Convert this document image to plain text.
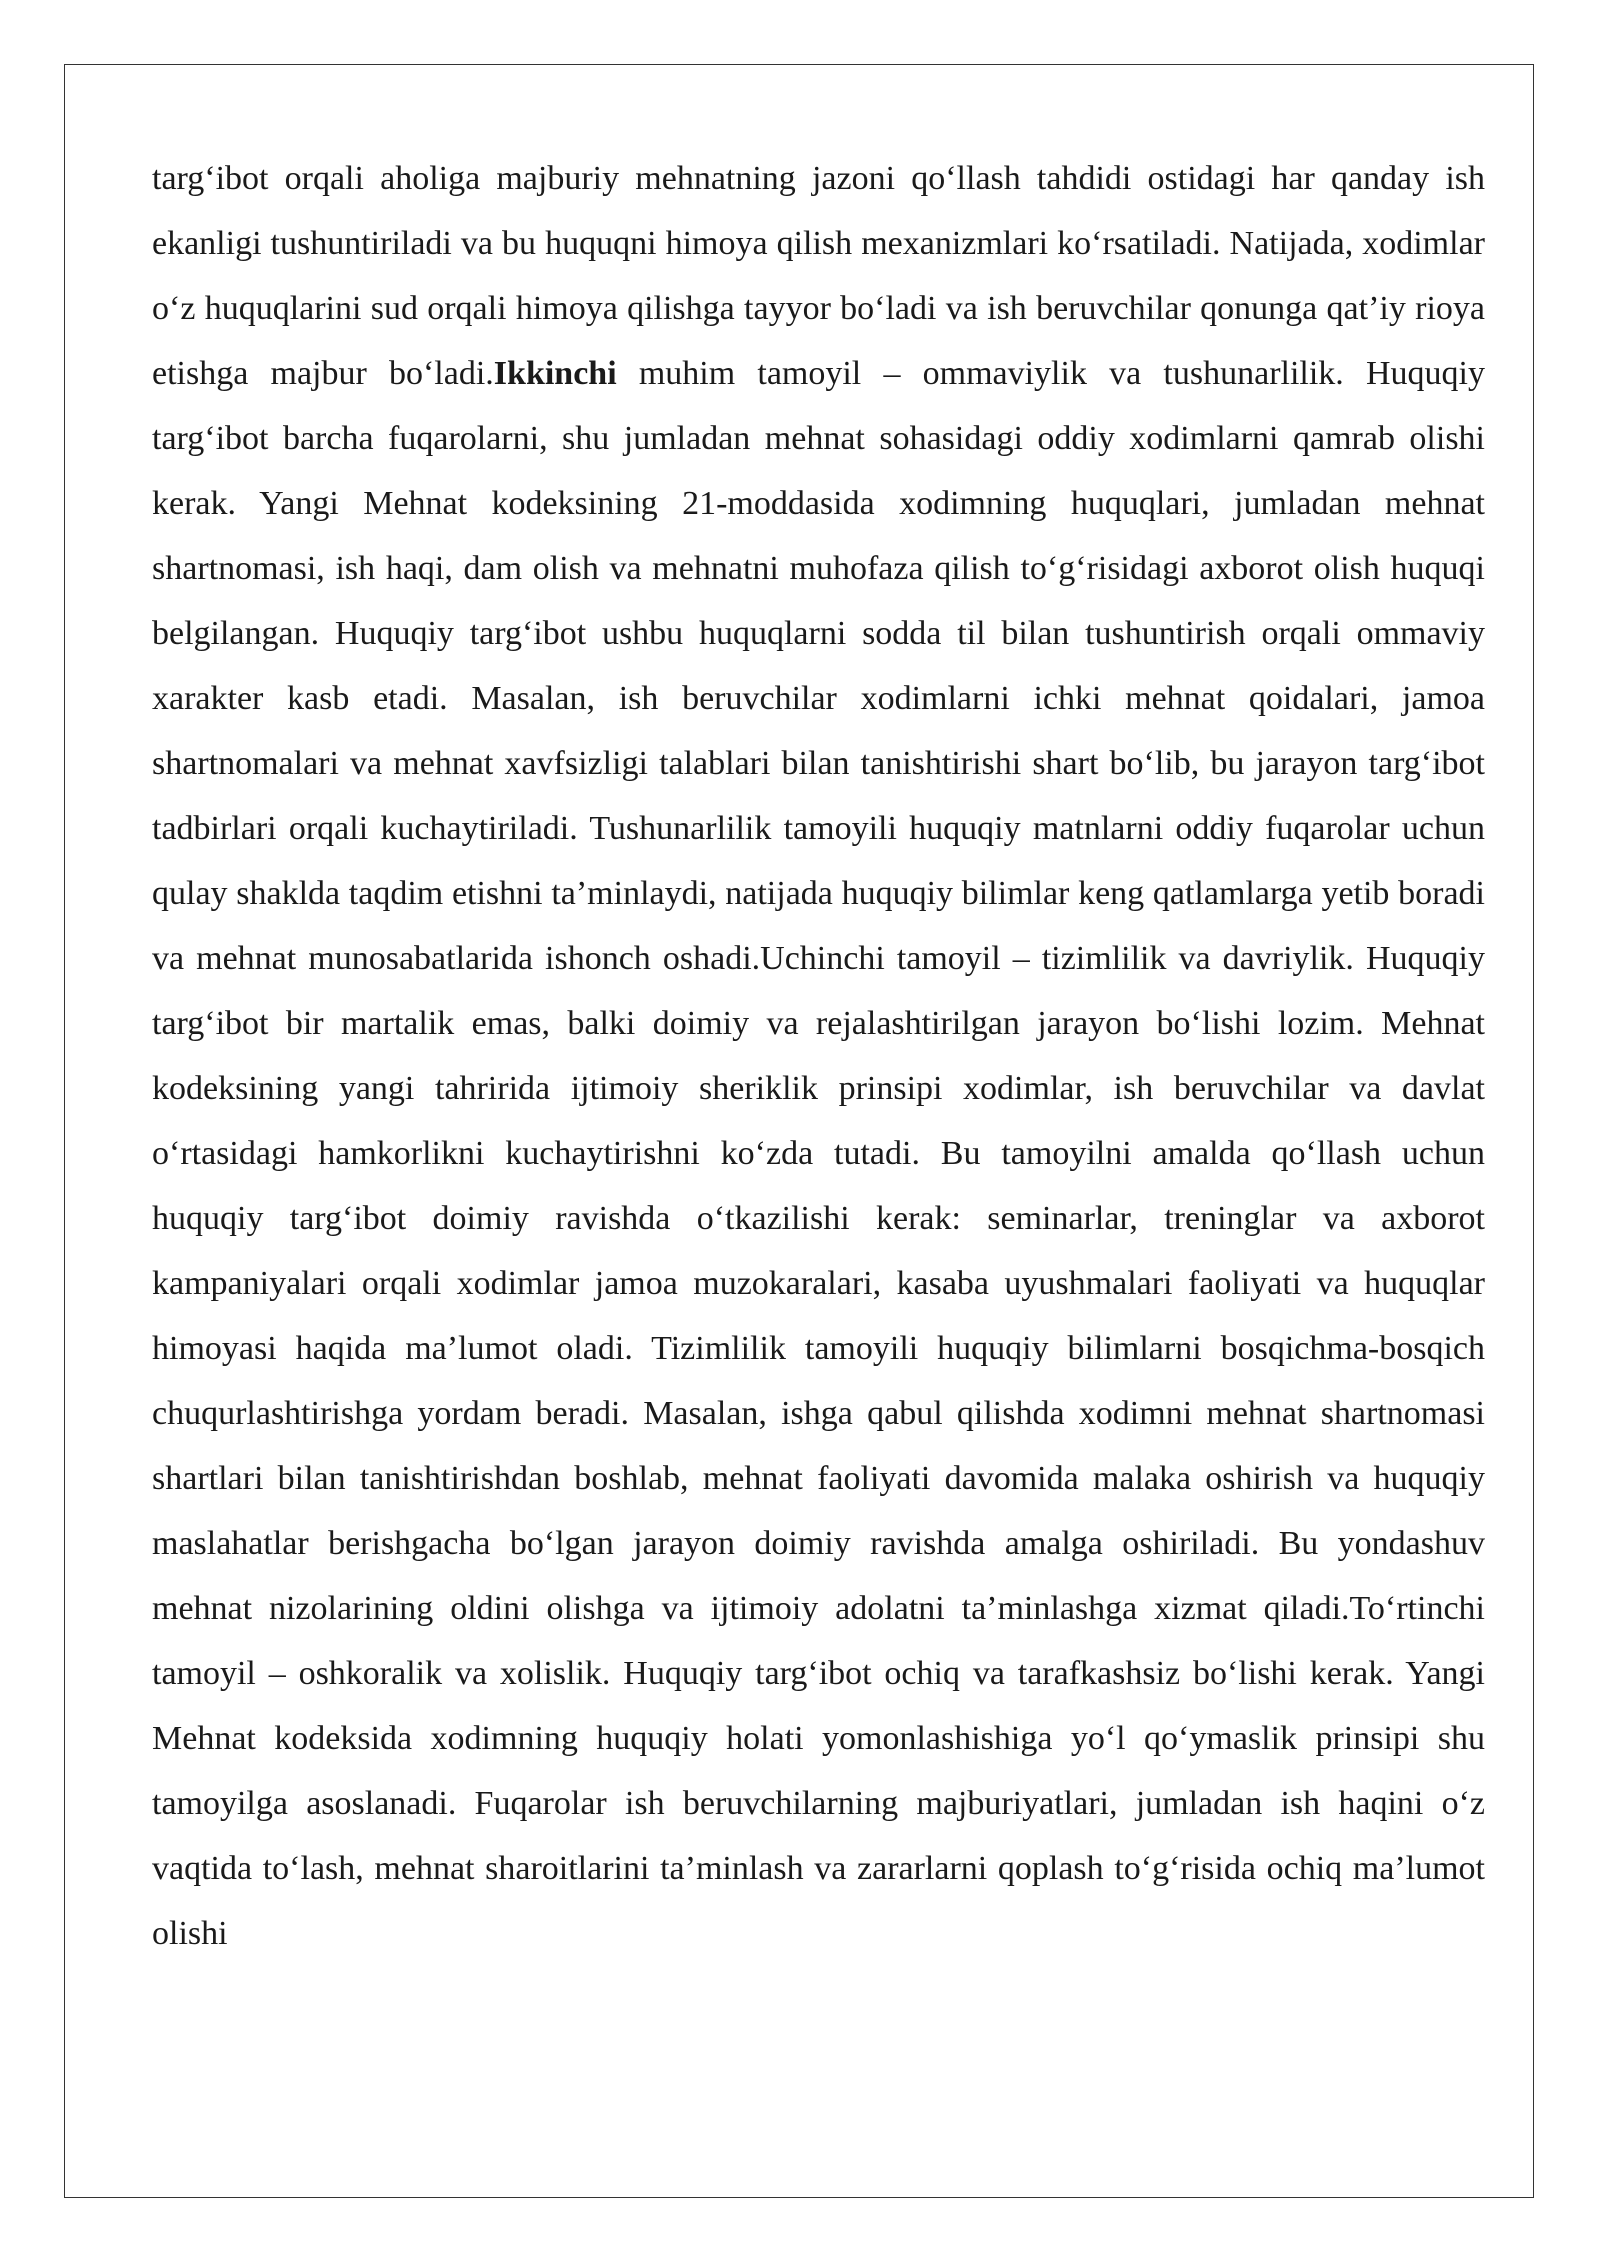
targ‘ibot orqali aholiga majburiy mehnatning jazoni qo‘llash tahdidi ostidagi har qanday ish ekanligi tushuntiriladi va bu huquqni himoya qilish mexanizmlari ko‘rsatiladi. Natijada, xodimlar o‘z huquqlarini sud orqali himoya qilishga tayyor bo‘ladi va ish beruvchilar qonunga qat’iy rioya etishga majbur bo‘ladi.Ikkinchi muhim tamoyil – ommaviylik va tushunarlilik. Huquqiy targ‘ibot barcha fuqarolarni, shu jumladan mehnat sohasidagi oddiy xodimlarni qamrab olishi kerak. Yangi Mehnat kodeksining 21-moddasida xodimning huquqlari, jumladan mehnat shartnomasi, ish haqi, dam olish va mehnatni muhofaza qilish to‘g‘risidagi axborot olish huquqi belgilangan. Huquqiy targ‘ibot ushbu huquqlarni sodda til bilan tushuntirish orqali ommaviy xarakter kasb etadi. Masalan, ish beruvchilar xodimlarni ichki mehnat qoidalari, jamoa shartnomalari va mehnat xavfsizligi talablari bilan tanishtirishi shart bo‘lib, bu jarayon targ‘ibot tadbirlari orqali kuchaytiriladi. Tushunarlilik tamoyili huquqiy matnlarni oddiy fuqarolar uchun qulay shaklda taqdim etishni ta’minlaydi, natijada huquqiy bilimlar keng qatlamlarga yetib boradi va mehnat munosabatlarida ishonch oshadi.Uchinchi tamoyil – tizimlilik va davriylik. Huquqiy targ‘ibot bir martalik emas, balki doimiy va rejalashtirilgan jarayon bo‘lishi lozim. Mehnat kodeksining yangi tahririda ijtimoiy sheriklik prinsipi xodimlar, ish beruvchilar va davlat o‘rtasidagi hamkorlikni kuchaytirishni ko‘zda tutadi. Bu tamoyilni amalda qo‘llash uchun huquqiy targ‘ibot doimiy ravishda o‘tkazilishi kerak: seminarlar, treninglar va axborot kampaniyalari orqali xodimlar jamoa muzokaralari, kasaba uyushmalari faoliyati va huquqlar himoyasi haqida ma’lumot oladi. Tizimlilik tamoyili huquqiy bilimlarni bosqichma-bosqich chuqurlashtirishga yordam beradi. Masalan, ishga qabul qilishda xodimni mehnat shartnomasi shartlari bilan tanishtirishdan boshlab, mehnat faoliyati davomida malaka oshirish va huquqiy maslahatlar berishgacha bo‘lgan jarayon doimiy ravishda amalga oshiriladi. Bu yondashuv mehnat nizolarining oldini olishga va ijtimoiy adolatni ta’minlashga xizmat qiladi.To‘rtinchi tamoyil – oshkoralik va xolislik. Huquqiy targ‘ibot ochiq va tarafkashsiz bo‘lishi kerak. Yangi Mehnat kodeksida xodimning huquqiy holati yomonlashishiga yo‘l qo‘ymaslik prinsipi shu tamoyilga asoslanadi. Fuqarolar ish beruvchilarning majburiyatlari, jumladan ish haqini o‘z vaqtida to‘lash, mehnat sharoitlarini ta’minlash va zararlarni qoplash to‘g‘risida ochiq ma’lumot olishi
